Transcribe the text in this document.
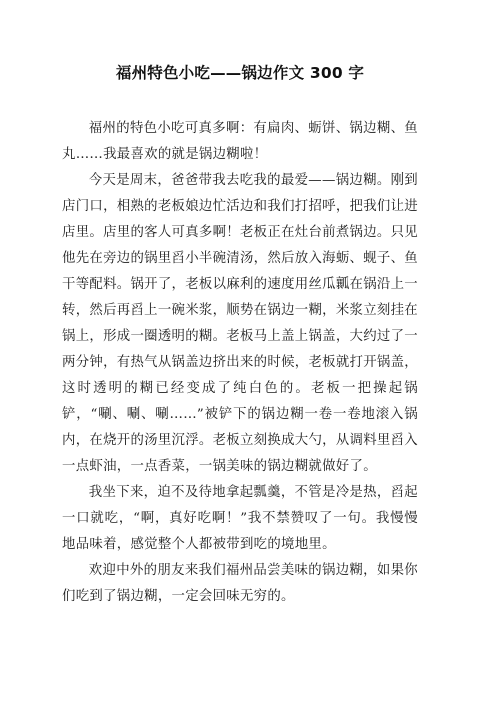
福州特色小吃——锅边作文 300 字

福州的特色小吃可真多啊：有扁肉、蛎饼、锅边糊、鱼丸……我最喜欢的就是锅边糊啦！

今天是周末，爸爸带我去吃我的最爱——锅边糊。刚到店门口，相熟的老板娘边忙活边和我们打招呼，把我们让进店里。店里的客人可真多啊！老板正在灶台前煮锅边。只见他先在旁边的锅里舀小半碗清汤，然后放入海蛎、蚬子、鱼干等配料。锅开了，老板以麻利的速度用丝瓜瓤在锅沿上一转，然后再舀上一碗米浆，顺势在锅边一糊，米浆立刻挂在锅上，形成一圈透明的糊。老板马上盖上锅盖，大约过了一两分钟，有热气从锅盖边挤出来的时候，老板就打开锅盖，这时透明的糊已经变成了纯白色的。老板一把操起锅铲，“唰、唰、唰……”被铲下的锅边糊一卷一卷地滚入锅内，在烧开的汤里沉浮。老板立刻换成大勺，从调料里舀入一点虾油，一点香菜，一锅美味的锅边糊就做好了。

我坐下来，迫不及待地拿起瓢羹，不管是冷是热，舀起一口就吃，“啊，真好吃啊！”我不禁赞叹了一句。我慢慢地品味着，感觉整个人都被带到吃的境地里。

欢迎中外的朋友来我们福州品尝美味的锅边糊，如果你们吃到了锅边糊，一定会回味无穷的。
